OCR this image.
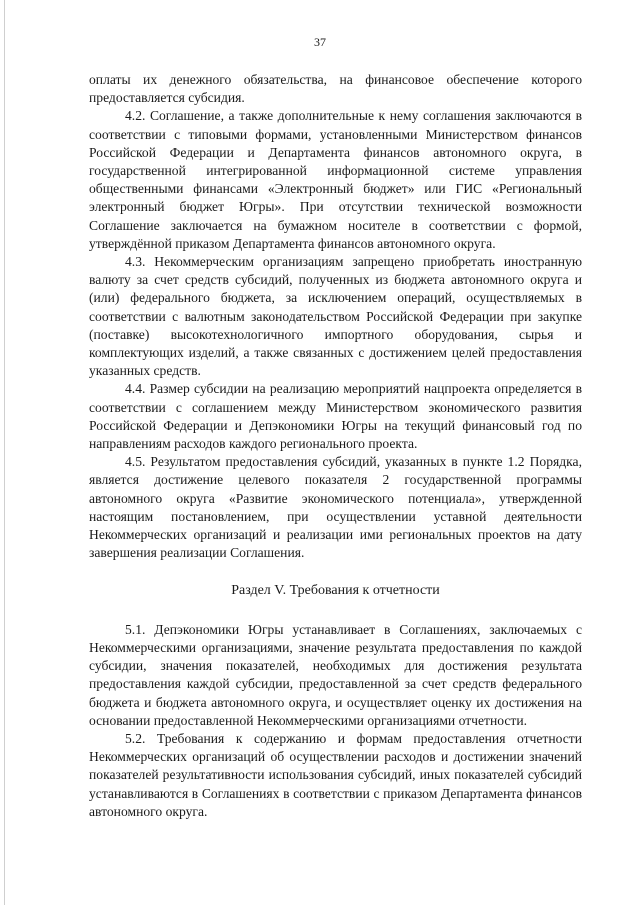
37

оплаты их денежного обязательства, на финансовое обеспечение которого предоставляется субсидия.

4.2. Соглашение, а также дополнительные к нему соглашения заключаются в соответствии с типовыми формами, установленными Министерством финансов Российской Федерации и Департамента финансов автономного округа, в государственной интегрированной информационной системе управления общественными финансами «Электронный бюджет» или ГИС «Региональный электронный бюджет Югры». При отсутствии технической возможности Соглашение заключается на бумажном носителе в соответствии с формой, утверждённой приказом Департамента финансов автономного округа.

4.3. Некоммерческим организациям запрещено приобретать иностранную валюту за счет средств субсидий, полученных из бюджета автономного округа и (или) федерального бюджета, за исключением операций, осуществляемых в соответствии с валютным законодательством Российской Федерации при закупке (поставке) высокотехнологичного импортного оборудования, сырья и комплектующих изделий, а также связанных с достижением целей предоставления указанных средств.

4.4. Размер субсидии на реализацию мероприятий нацпроекта определяется в соответствии с соглашением между Министерством экономического развития Российской Федерации и Депэкономики Югры на текущий финансовый год по направлениям расходов каждого регионального проекта.

4.5. Результатом предоставления субсидий, указанных в пункте 1.2 Порядка, является достижение целевого показателя 2 государственной программы автономного округа «Развитие экономического потенциала», утвержденной настоящим постановлением, при осуществлении уставной деятельности Некоммерческих организаций и реализации ими региональных проектов на дату завершения реализации Соглашения.

Раздел V. Требования к отчетности

5.1. Депэкономики Югры устанавливает в Соглашениях, заключаемых с Некоммерческими организациями, значение результата предоставления по каждой субсидии, значения показателей, необходимых для достижения результата предоставления каждой субсидии, предоставленной за счет средств федерального бюджета и бюджета автономного округа, и осуществляет оценку их достижения на основании предоставленной Некоммерческими организациями отчетности.

5.2. Требования к содержанию и формам предоставления отчетности Некоммерческих организаций об осуществлении расходов и достижении значений показателей результативности использования субсидий, иных показателей субсидий устанавливаются в Соглашениях в соответствии с приказом Департамента финансов автономного округа.
